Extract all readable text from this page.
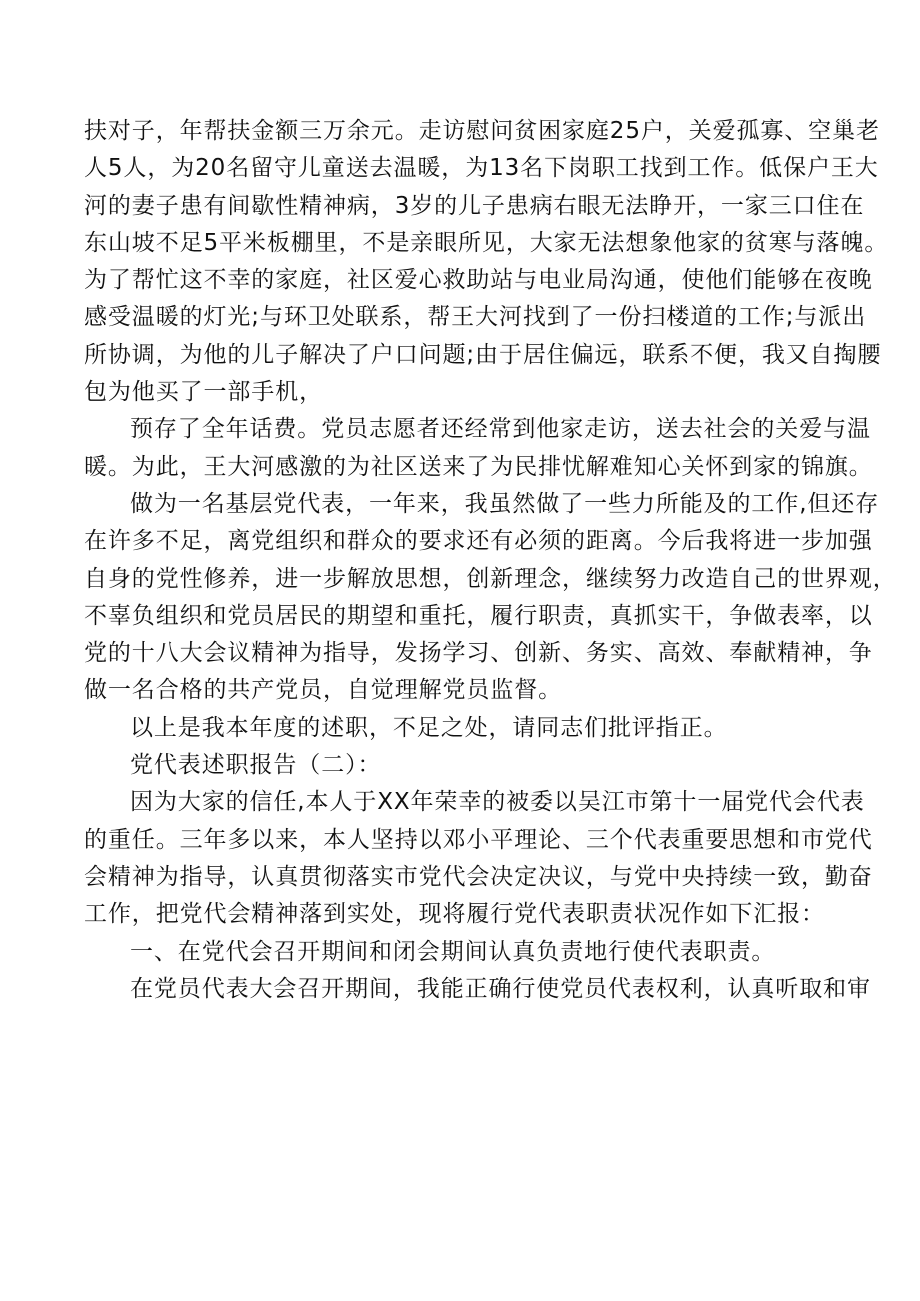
扶对子，年帮扶金额三万余元。走访慰问贫困家庭25户，关爱孤寡、空巢老
人5人，为20名留守儿童送去温暖，为13名下岗职工找到工作。低保户王大
河的妻子患有间歇性精神病，3岁的儿子患病右眼无法睁开，一家三口住在
东山坡不足5平米板棚里，不是亲眼所见，大家无法想象他家的贫寒与落魄。
为了帮忙这不幸的家庭，社区爱心救助站与电业局沟通，使他们能够在夜晚
感受温暖的灯光;与环卫处联系，帮王大河找到了一份扫楼道的工作;与派出
所协调，为他的儿子解决了户口问题;由于居住偏远，联系不便，我又自掏腰
包为他买了一部手机，
预存了全年话费。党员志愿者还经常到他家走访，送去社会的关爱与温
暖。为此，王大河感激的为社区送来了为民排忧解难知心关怀到家的锦旗。
做为一名基层党代表，一年来，我虽然做了一些力所能及的工作,但还存
在许多不足，离党组织和群众的要求还有必须的距离。今后我将进一步加强
自身的党性修养，进一步解放思想，创新理念，继续努力改造自己的世界观，
不辜负组织和党员居民的期望和重托，履行职责，真抓实干，争做表率，以
党的十八大会议精神为指导，发扬学习、创新、务实、高效、奉献精神，争
做一名合格的共产党员，自觉理解党员监督。
以上是我本年度的述职，不足之处，请同志们批评指正。
党代表述职报告（二）：
因为大家的信任,本人于XX年荣幸的被委以吴江市第十一届党代会代表
的重任。三年多以来，本人坚持以邓小平理论、三个代表重要思想和市党代
会精神为指导，认真贯彻落实市党代会决定决议，与党中央持续一致，勤奋
工作，把党代会精神落到实处，现将履行党代表职责状况作如下汇报：
一、在党代会召开期间和闭会期间认真负责地行使代表职责。
在党员代表大会召开期间，我能正确行使党员代表权利，认真听取和审
